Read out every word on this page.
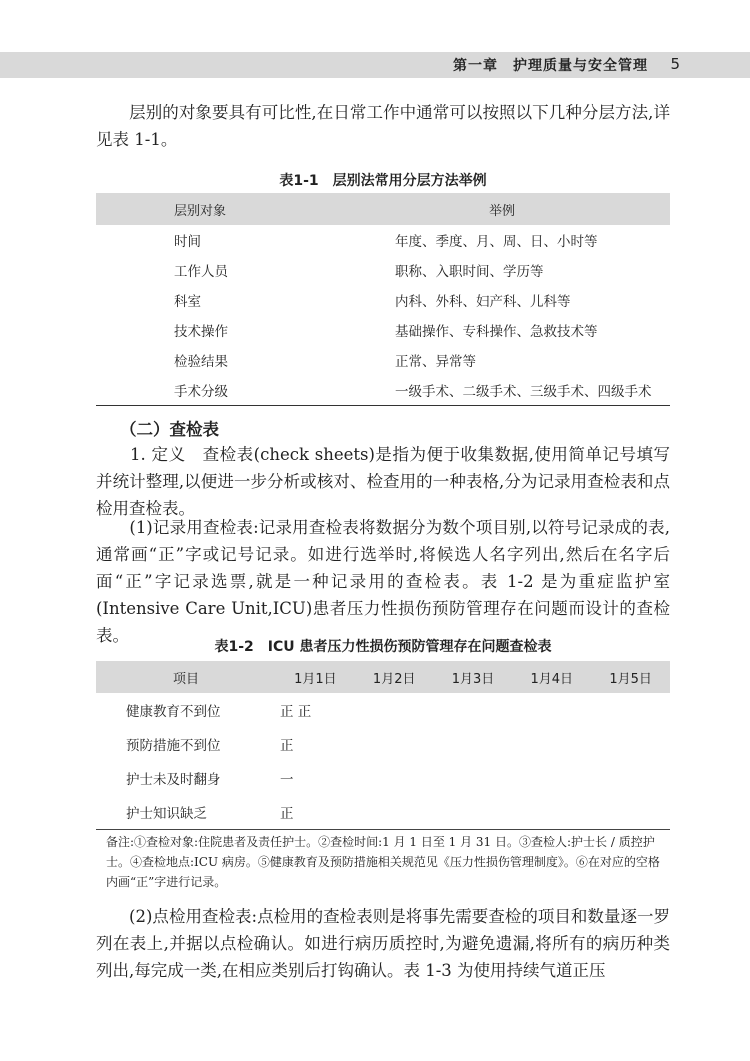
第一章　护理质量与安全管理 5

　　层别的对象要具有可比性,在日常工作中通常可以按照以下几种分层方法,详见表 1-1。

表1-1　层别法常用分层方法举例
层别对象	举例
时间	年度、季度、月、周、日、小时等
工作人员	职称、入职时间、学历等
科室	内科、外科、妇产科、儿科等
技术操作	基础操作、专科操作、急救技术等
检验结果	正常、异常等
手术分级	一级手术、二级手术、三级手术、四级手术
（二）查检表

　　1. 定义　查检表(check sheets)是指为便于收集数据,使用简单记号填写并统计整理,以便进一步分析或核对、检查用的一种表格,分为记录用查检表和点检用查检表。

　　(1)记录用查检表:记录用查检表将数据分为数个项目别,以符号记录成的表,通常画“正”字或记号记录。如进行选举时,将候选人名字列出,然后在名字后面“正”字记录选票,就是一种记录用的查检表。表 1-2 是为重症监护室(Intensive Care Unit,ICU)患者压力性损伤预防管理存在问题而设计的查检表。

表1-2　ICU 患者压力性损伤预防管理存在问题查检表
项目	1月1日	1月2日	1月3日	1月4日	1月5日
健康教育不到位	正 正				
预防措施不到位	正				
护士未及时翻身	一				
护士知识缺乏	正				

备注:①查检对象:住院患者及责任护士。②查检时间:1 月 1 日至 1 月 31 日。③查检人:护士长 / 质控护士。④查检地点:ICU 病房。⑤健康教育及预防措施相关规范见《压力性损伤管理制度》。⑥在对应的空格内画“正”字进行记录。

　　(2)点检用查检表:点检用的查检表则是将事先需要查检的项目和数量逐一罗列在表上,并据以点检确认。如进行病历质控时,为避免遗漏,将所有的病历种类列出,每完成一类,在相应类别后打钩确认。表 1-3 为使用持续气道正压
